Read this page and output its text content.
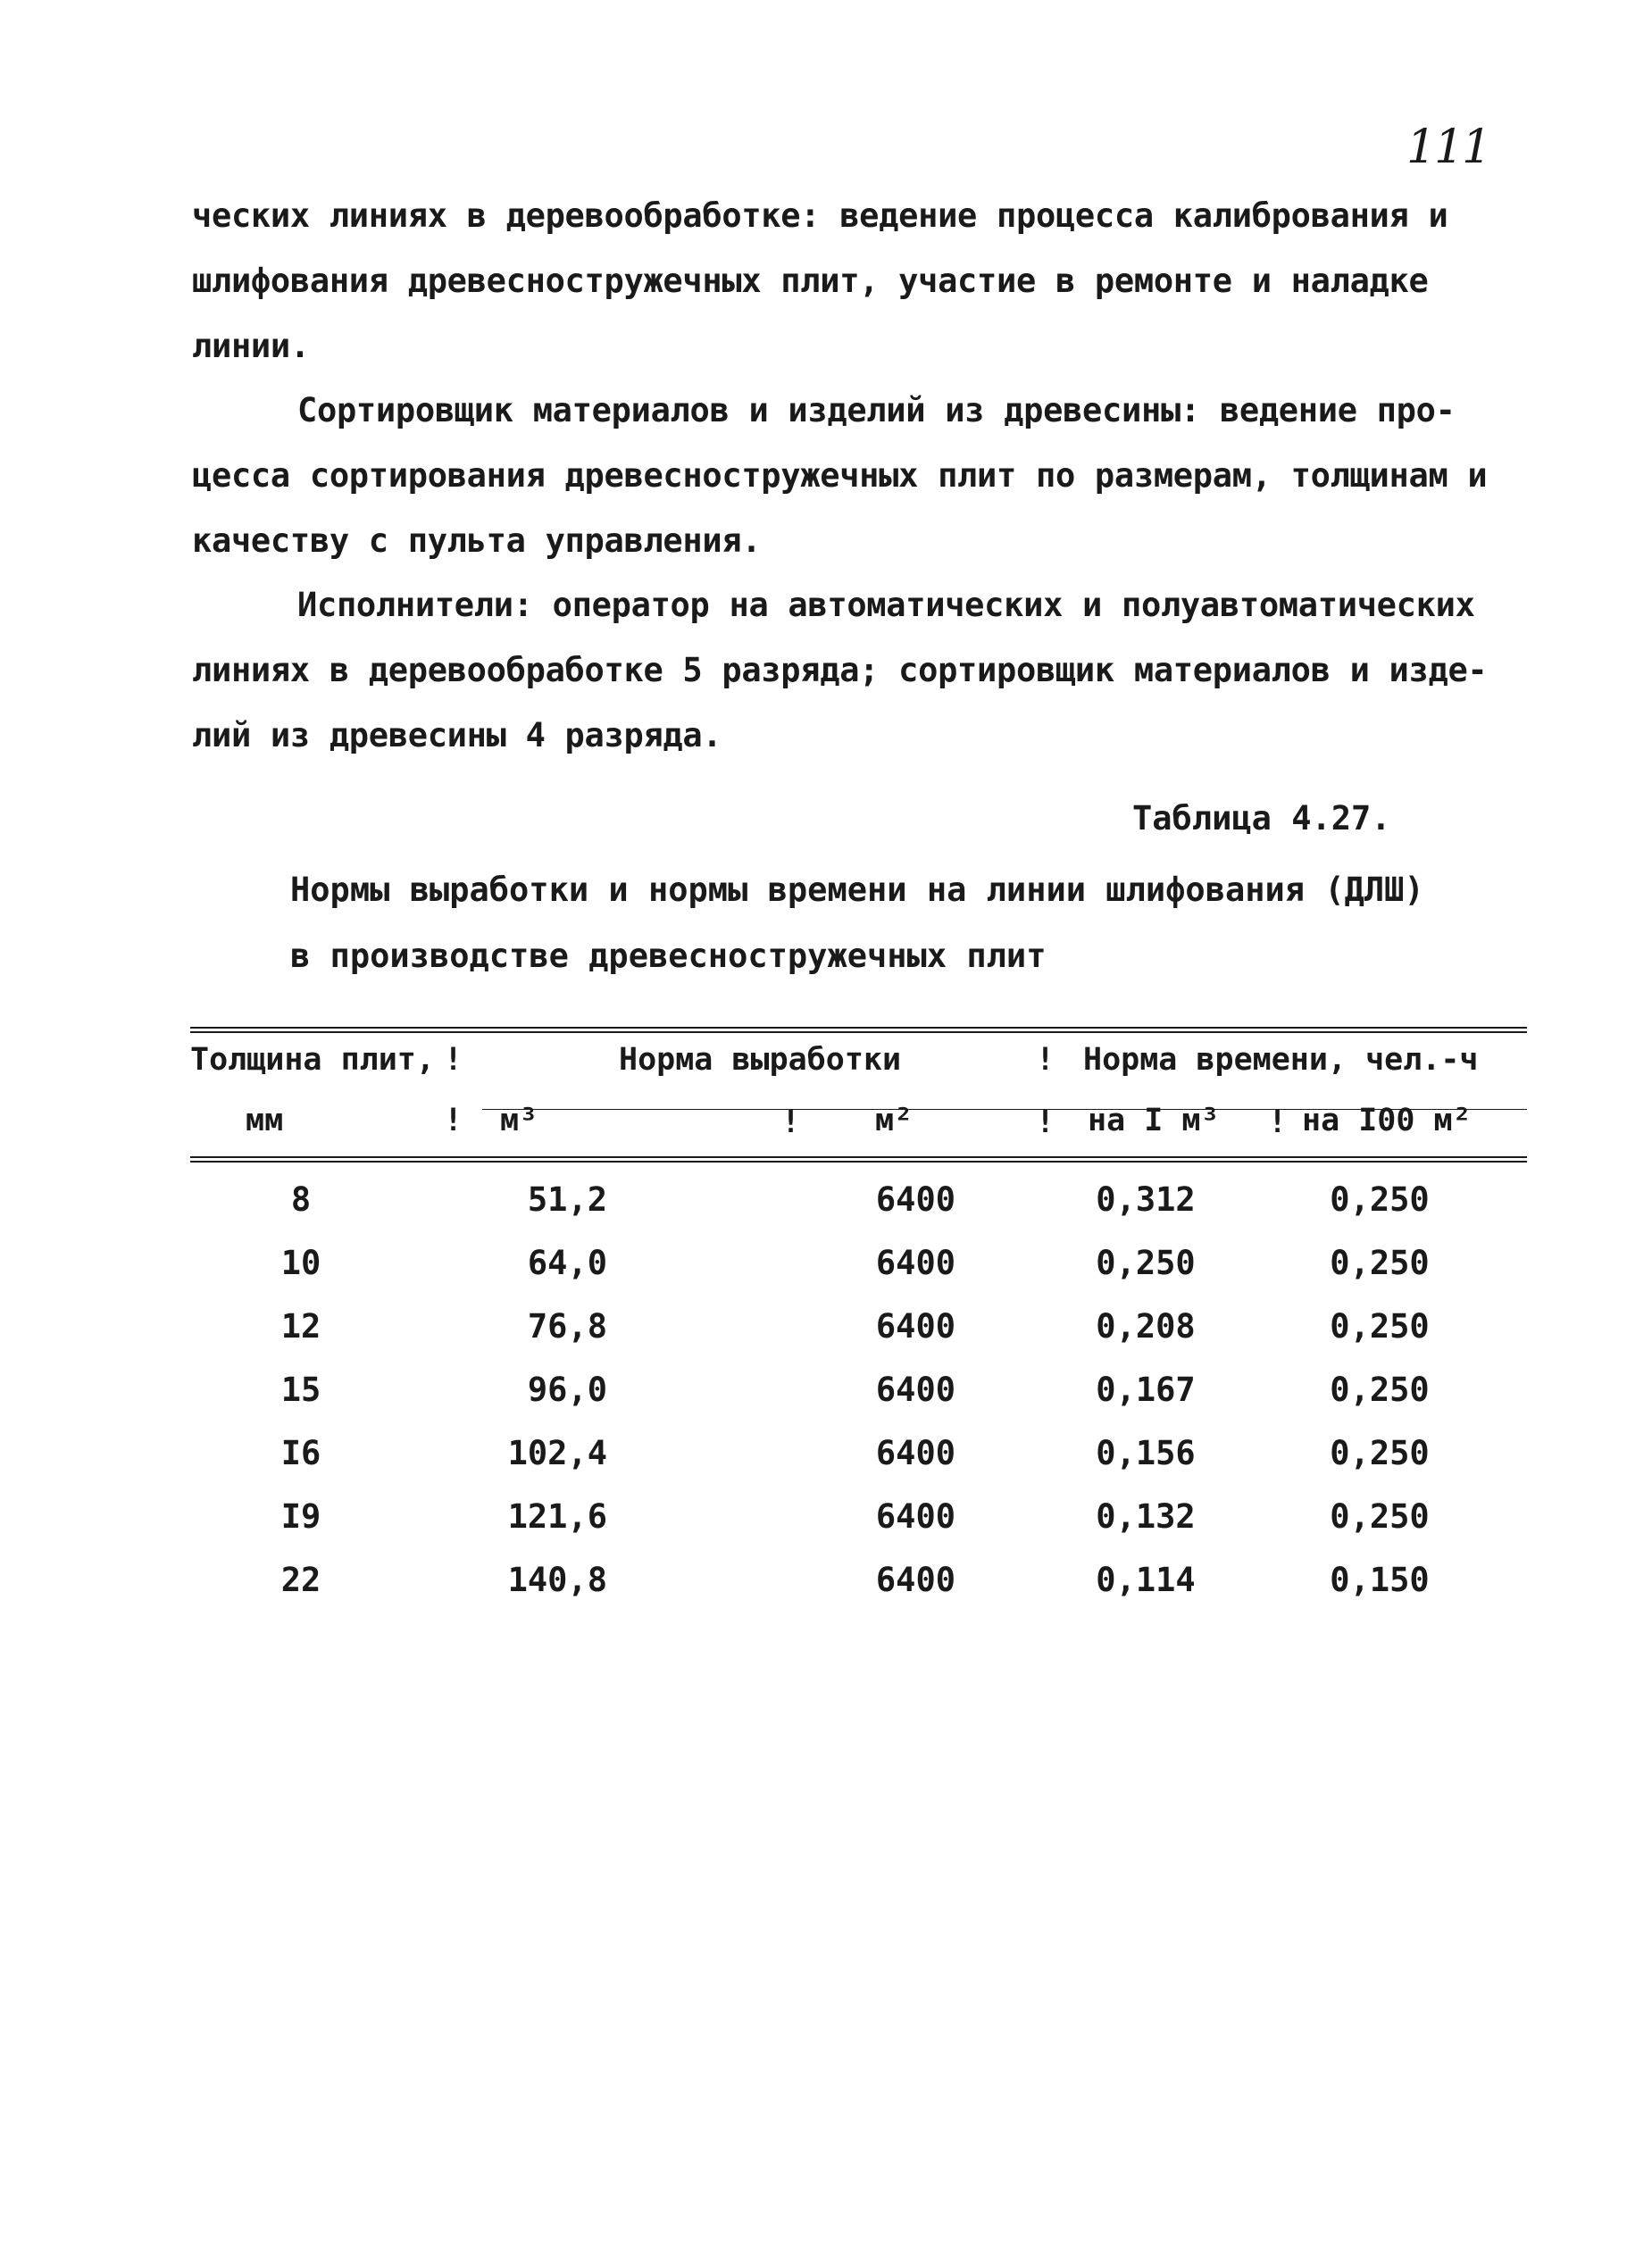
111

ческих линиях в деревообработке: ведение процесса калибрования и
шлифования древесностружечных плит, участие в ремонте и наладке
линии.

Сортировщик материалов и изделий из древесины: ведение про-
цесса сортирования древесностружечных плит по размерам, толщинам и
качеству с пульта управления.

Исполнители: оператор на автоматических и полуавтоматических
линиях в деревообработке 5 разряда; сортировщик материалов и изде-
лий из древесины 4 разряда.

Таблица 4.27.

Нормы выработки и нормы времени на линии шлифования (ДЛШ)
в производстве древесностружечных плит

Толщина плит, !	Норма выработки	! Норма времени, чел.-ч
мм	! м³	! м²	! на I м³ ! на I00 м²
8	51,2	6400	0,312	0,250
10	64,0	6400	0,250	0,250
12	76,8	6400	0,208	0,250
15	96,0	6400	0,167	0,250
I6	102,4	6400	0,156	0,250
I9	121,6	6400	0,132	0,250
22	140,8	6400	0,114	0,150
